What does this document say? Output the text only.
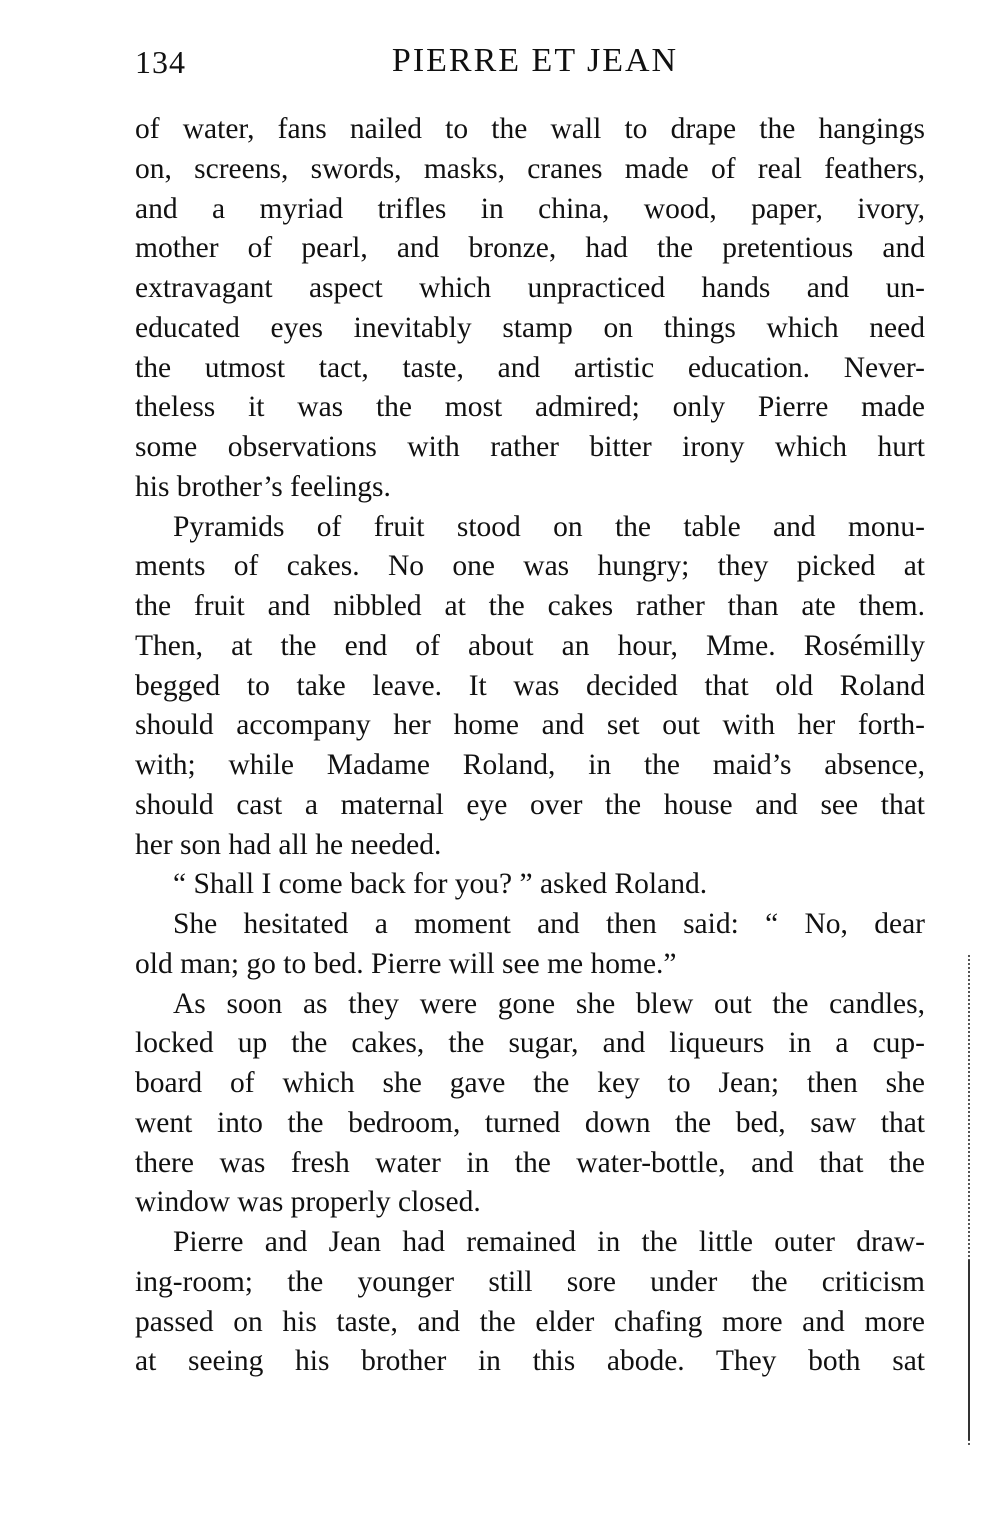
134	PIERRE ET JEAN
of water, fans nailed to the wall to drape the hangings
on, screens, swords, masks, cranes made of real feathers,
and a myriad trifles in china, wood, paper, ivory,
mother of pearl, and bronze, had the pretentious and
extravagant aspect which unpracticed hands and un-
educated eyes inevitably stamp on things which need
the utmost tact, taste, and artistic education. Never-
theless it was the most admired; only Pierre made
some observations with rather bitter irony which hurt
his brother’s feelings.
Pyramids of fruit stood on the table and monu-
ments of cakes. No one was hungry; they picked at
the fruit and nibbled at the cakes rather than ate them.
Then, at the end of about an hour, Mme. Rosémilly
begged to take leave. It was decided that old Roland
should accompany her home and set out with her forth-
with; while Madame Roland, in the maid’s absence,
should cast a maternal eye over the house and see that
her son had all he needed.
“ Shall I come back for you? ” asked Roland.
She hesitated a moment and then said: “ No, dear
old man; go to bed. Pierre will see me home.”
As soon as they were gone she blew out the candles,
locked up the cakes, the sugar, and liqueurs in a cup-
board of which she gave the key to Jean; then she
went into the bedroom, turned down the bed, saw that
there was fresh water in the water-bottle, and that the
window was properly closed.
Pierre and Jean had remained in the little outer draw-
ing-room; the younger still sore under the criticism
passed on his taste, and the elder chafing more and more
at seeing his brother in this abode. They both sat
